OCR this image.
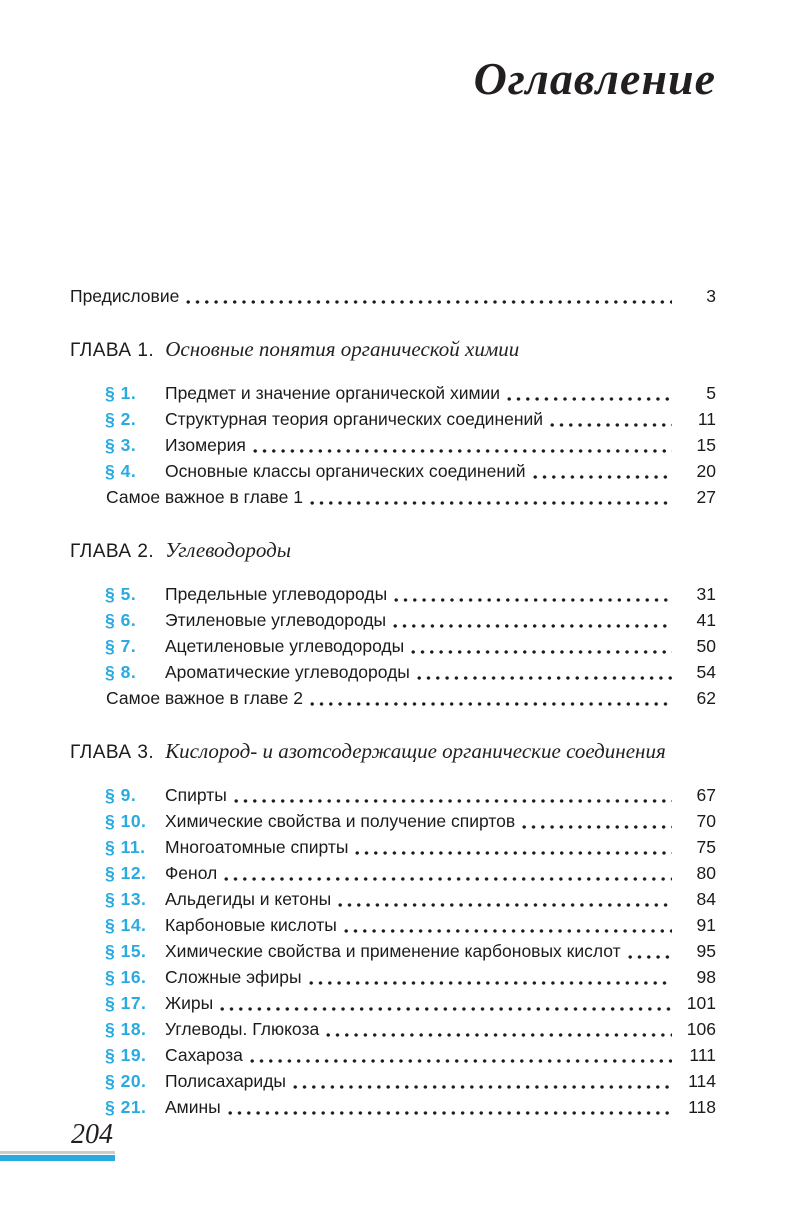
Оглавление
Предисловие	3
ГЛАВА 1. Основные понятия органической химии
§ 1.	Предмет и значение органической химии	5
§ 2.	Структурная теория органических соединений	11
§ 3.	Изомерия	15
§ 4.	Основные классы органических соединений	20
Самое важное в главе 1	27
ГЛАВА 2. Углеводороды
§ 5.	Предельные углеводороды	31
§ 6.	Этиленовые углеводороды	41
§ 7.	Ацетиленовые углеводороды	50
§ 8.	Ароматические углеводороды	54
Самое важное в главе 2	62
ГЛАВА 3. Кислород- и азотсодержащие органические соединения
§ 9.	Спирты	67
§ 10.	Химические свойства и получение спиртов	70
§ 11.	Многоатомные спирты	75
§ 12.	Фенол	80
§ 13.	Альдегиды и кетоны	84
§ 14.	Карбоновые кислоты	91
§ 15.	Химические свойства и применение карбоновых кислот	95
§ 16.	Сложные эфиры	98
§ 17.	Жиры	101
§ 18.	Углеводы. Глюкоза	106
§ 19.	Сахароза	111
§ 20.	Полисахариды	114
§ 21.	Амины	118
204
